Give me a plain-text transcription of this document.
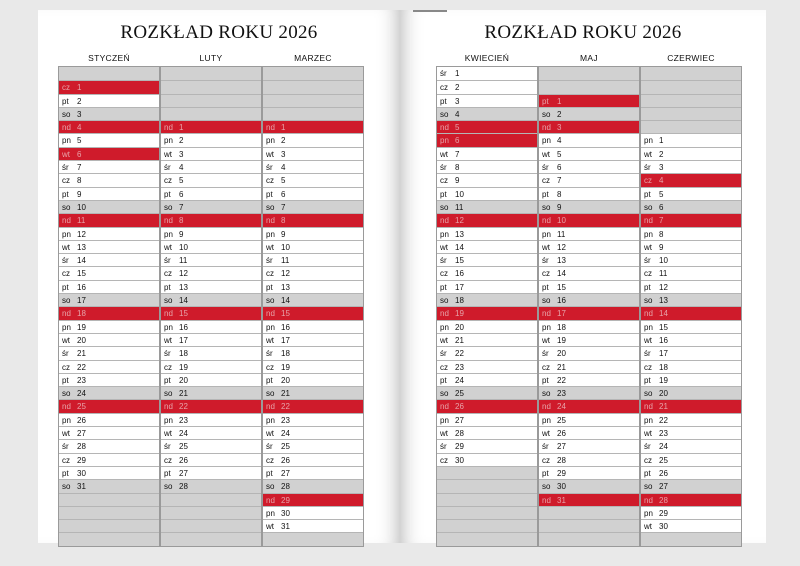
ROZKŁAD ROKU 2026
STYCZEŃ
cz 1
pt 2
so 3
nd 4
pn 5
wt 6
śr 7
cz 8
pt 9
so 10
nd 11
pn 12
wt 13
śr 14
cz 15
pt 16
so 17
nd 18
pn 19
wt 20
śr 21
cz 22
pt 23
so 24
nd 25
pn 26
wt 27
śr 28
cz 29
pt 30
so 31
LUTY
nd 1
pn 2
wt 3
śr 4
cz 5
pt 6
so 7
nd 8
pn 9
wt 10
śr 11
cz 12
pt 13
so 14
nd 15
pn 16
wt 17
śr 18
cz 19
pt 20
so 21
nd 22
pn 23
wt 24
śr 25
cz 26
pt 27
so 28
MARZEC
nd 1
pn 2
wt 3
śr 4
cz 5
pt 6
so 7
nd 8
pn 9
wt 10
śr 11
cz 12
pt 13
so 14
nd 15
pn 16
wt 17
śr 18
cz 19
pt 20
so 21
nd 22
pn 23
wt 24
śr 25
cz 26
pt 27
so 28
nd 29
pn 30
wt 31
ROZKŁAD ROKU 2026
KWIECIEŃ
śr 1
cz 2
pt 3
so 4
nd 5
pn 6
wt 7
śr 8
cz 9
pt 10
so 11
nd 12
pn 13
wt 14
śr 15
cz 16
pt 17
so 18
nd 19
pn 20
wt 21
śr 22
cz 23
pt 24
so 25
nd 26
pn 27
wt 28
śr 29
cz 30
MAJ
pt 1
so 2
nd 3
pn 4
wt 5
śr 6
cz 7
pt 8
so 9
nd 10
pn 11
wt 12
śr 13
cz 14
pt 15
so 16
nd 17
pn 18
wt 19
śr 20
cz 21
pt 22
so 23
nd 24
pn 25
wt 26
śr 27
cz 28
pt 29
so 30
nd 31
CZERWIEC
pn 1
wt 2
śr 3
cz 4
pt 5
so 6
nd 7
pn 8
wt 9
śr 10
cz 11
pt 12
so 13
nd 14
pn 15
wt 16
śr 17
cz 18
pt 19
so 20
nd 21
pn 22
wt 23
śr 24
cz 25
pt 26
so 27
nd 28
pn 29
wt 30
